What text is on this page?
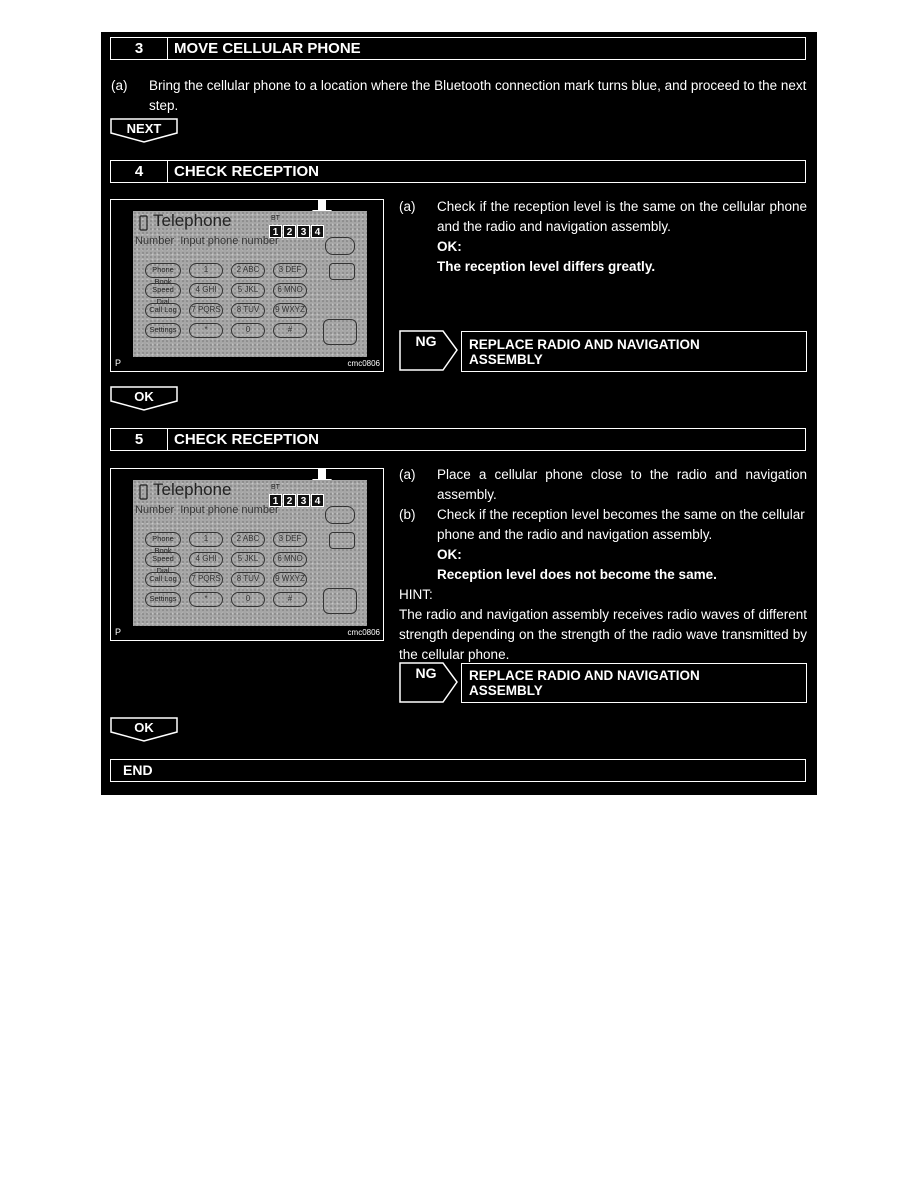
3	MOVE CELLULAR PHONE
(a) Bring the cellular phone to a location where the Bluetooth connection mark turns blue, and proceed to the next step.
NEXT
4	CHECK RECEPTION
Telephone	BT
1 2 3 4
Number Input phone number
Phone Book
Speed Dial
Call Log
Settings
1	2 ABC	3 DEF
4 GHI	5 JKL	6 MNO
7 PQRS	8 TUV	9 WXYZ
*	0	#
P	cmc0806
(a) Check if the reception level is the same on the cellular phone and the radio and navigation assembly.
OK:
The reception level differs greatly.
NG REPLACE RADIO AND NAVIGATION ASSEMBLY
OK
5	CHECK RECEPTION
Telephone	BT
1 2 3 4
Number Input phone number
Phone Book
Speed Dial
Call Log
Settings
1	2 ABC	3 DEF
4 GHI	5 JKL	6 MNO
7 PQRS	8 TUV	9 WXYZ
*	0	#
P	cmc0806
(a) Place a cellular phone close to the radio and navigation assembly.
(b) Check if the reception level becomes the same on the cellular phone and the radio and navigation assembly.
OK:
Reception level does not become the same.
HINT:
The radio and navigation assembly receives radio waves of different strength depending on the strength of the radio wave transmitted by the cellular phone.
NG REPLACE RADIO AND NAVIGATION ASSEMBLY
OK
END
